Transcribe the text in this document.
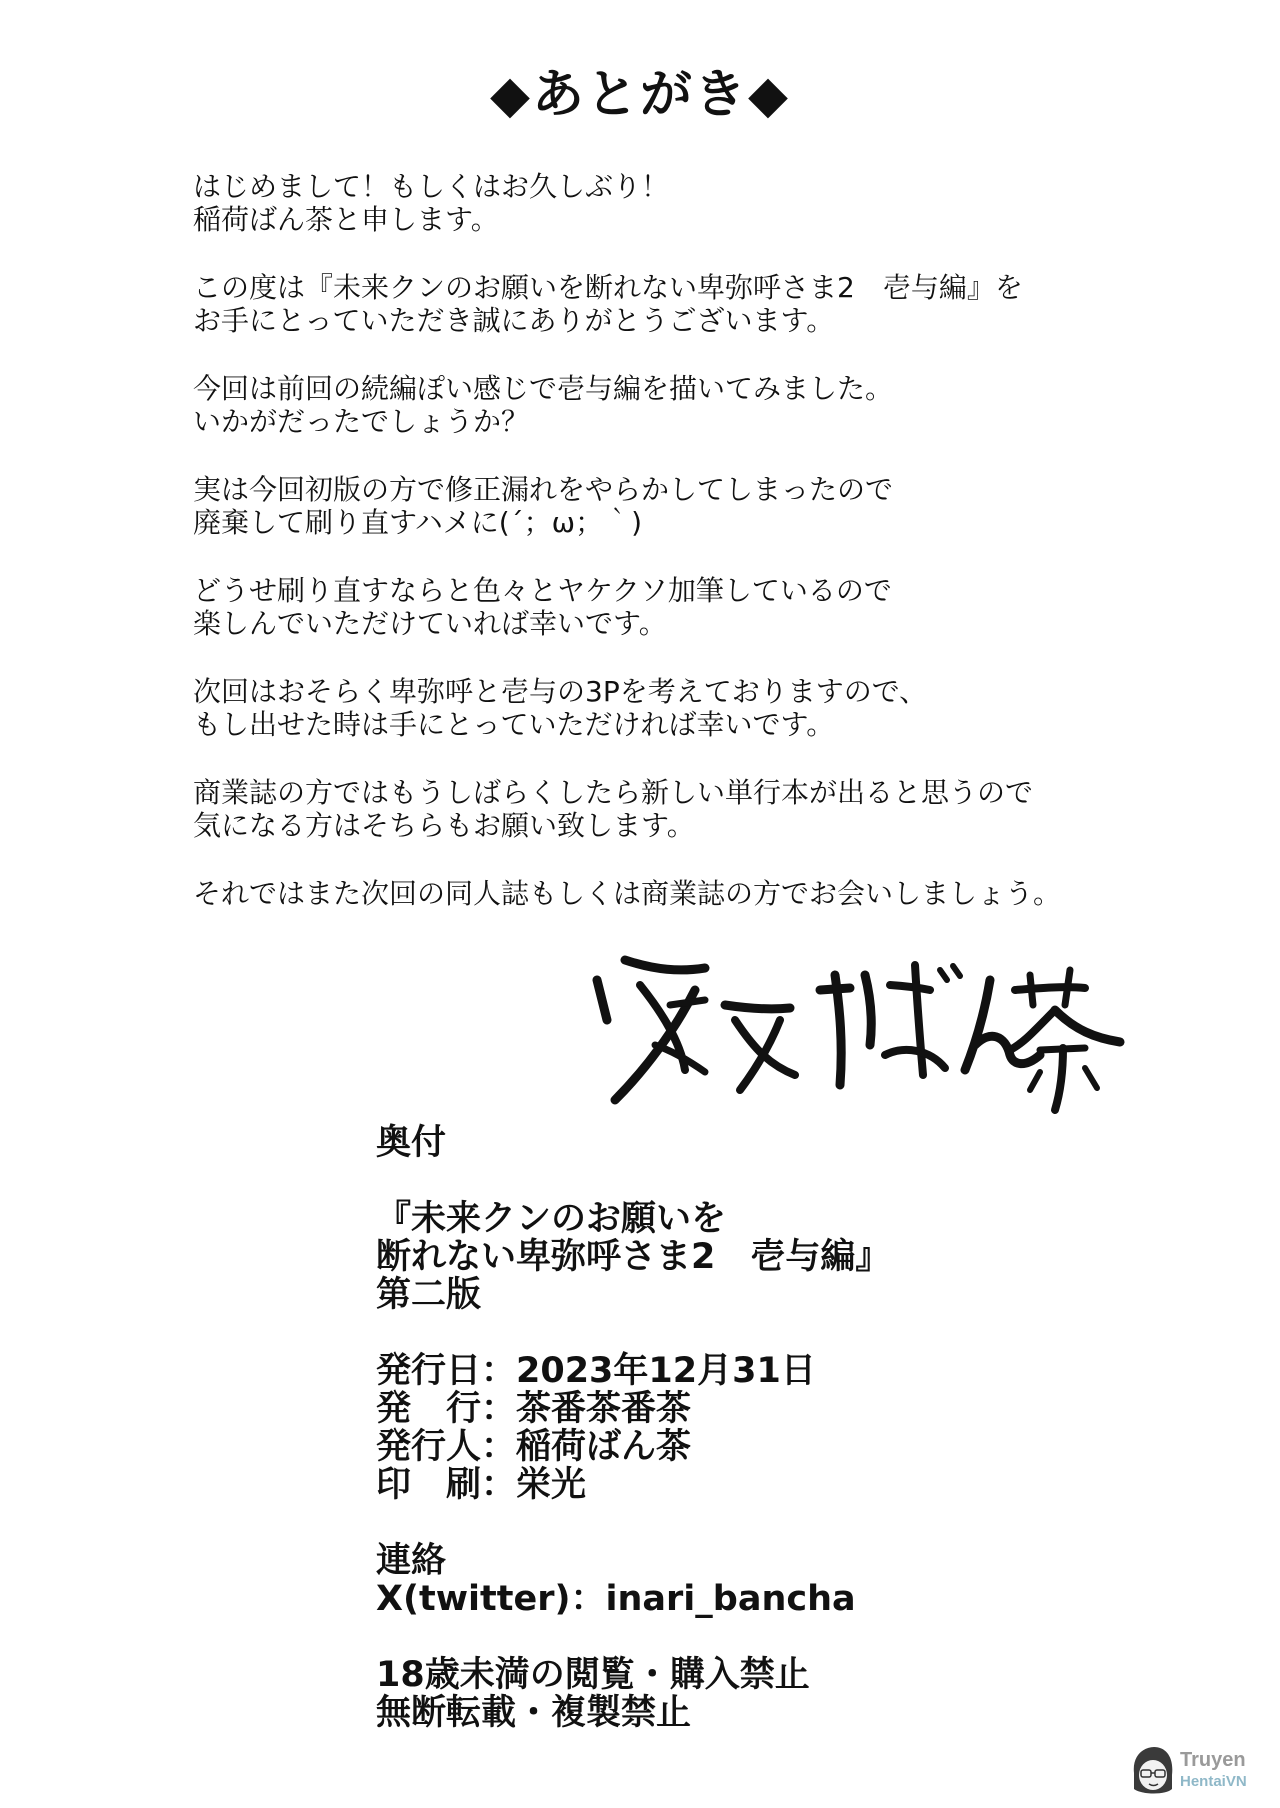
◆あとがき◆
はじめまして！もしくはお久しぶり！
稲荷ばん茶と申します。
この度は『未来クンのお願いを断れない卑弥呼さま2　壱与編』を
お手にとっていただき誠にありがとうございます。
今回は前回の続編ぽい感じで壱与編を描いてみました。
いかがだったでしょうか？
実は今回初版の方で修正漏れをやらかしてしまったので
廃棄して刷り直すハメに(´；ω；｀)
どうせ刷り直すならと色々とヤケクソ加筆しているので
楽しんでいただけていれば幸いです。
次回はおそらく卑弥呼と壱与の3Pを考えておりますので、
もし出せた時は手にとっていただければ幸いです。
商業誌の方ではもうしばらくしたら新しい単行本が出ると思うので
気になる方はそちらもお願い致します。
それではまた次回の同人誌もしくは商業誌の方でお会いしましょう。
奥付
『未来クンのお願いを
断れない卑弥呼さま2　壱与編』
第二版
発行日：2023年12月31日
発　行：茶番茶番茶
発行人：稲荷ばん茶
印　刷：栄光
連絡
X(twitter)：inari_bancha
18歳未満の閲覧・購入禁止
無断転載・複製禁止
Truyen
HentaiVN
